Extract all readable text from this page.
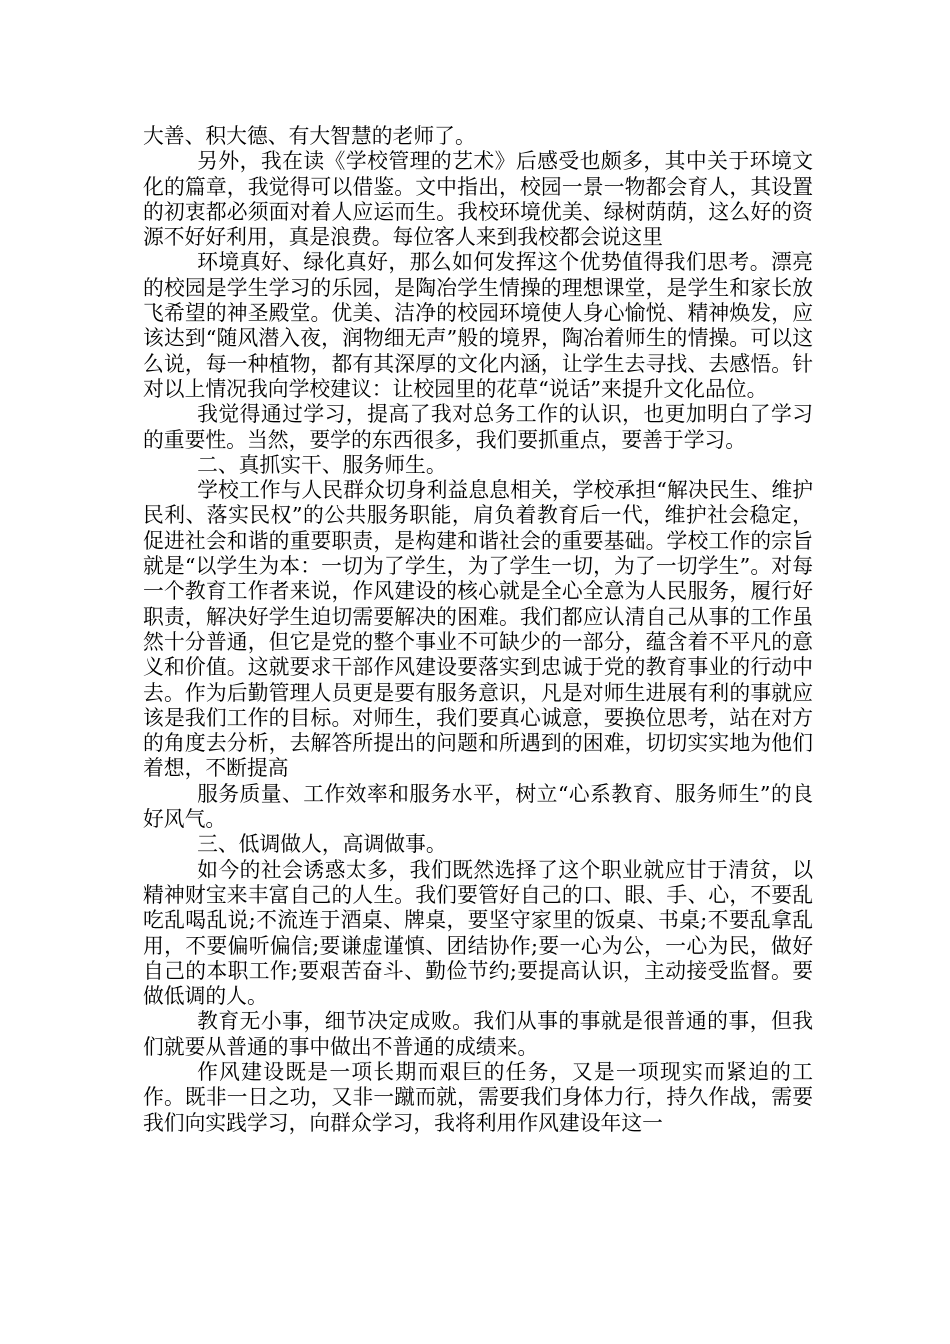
大善、积大德、有大智慧的老师了。

另外，我在读《学校管理的艺术》后感受也颇多，其中关于环境文化的篇章，我觉得可以借鉴。文中指出，校园一景一物都会育人，其设置的初衷都必须面对着人应运而生。我校环境优美、绿树荫荫，这么好的资源不好好利用，真是浪费。每位客人来到我校都会说这里

环境真好、绿化真好，那么如何发挥这个优势值得我们思考。漂亮的校园是学生学习的乐园，是陶冶学生情操的理想课堂，是学生和家长放飞希望的神圣殿堂。优美、洁净的校园环境使人身心愉悦、精神焕发，应该达到“随风潜入夜，润物细无声”般的境界，陶冶着师生的情操。可以这么说，每一种植物，都有其深厚的文化内涵，让学生去寻找、去感悟。针对以上情况我向学校建议：让校园里的花草“说话”来提升文化品位。

我觉得通过学习，提高了我对总务工作的认识，也更加明白了学习的重要性。当然，要学的东西很多，我们要抓重点，要善于学习。

二、真抓实干、服务师生。

学校工作与人民群众切身利益息息相关，学校承担“解决民生、维护民利、落实民权”的公共服务职能，肩负着教育后一代，维护社会稳定，促进社会和谐的重要职责，是构建和谐社会的重要基础。学校工作的宗旨就是“以学生为本：一切为了学生，为了学生一切，为了一切学生”。对每一个教育工作者来说，作风建设的核心就是全心全意为人民服务，履行好职责，解决好学生迫切需要解决的困难。我们都应认清自己从事的工作虽然十分普通，但它是党的整个事业不可缺少的一部分，蕴含着不平凡的意义和价值。这就要求干部作风建设要落实到忠诚于党的教育事业的行动中去。作为后勤管理人员更是要有服务意识，凡是对师生进展有利的事就应该是我们工作的目标。对师生，我们要真心诚意，要换位思考，站在对方的角度去分析，去解答所提出的问题和所遇到的困难，切切实实地为他们着想，不断提高

服务质量、工作效率和服务水平，树立“心系教育、服务师生”的良好风气。

三、低调做人，高调做事。

如今的社会诱惑太多，我们既然选择了这个职业就应甘于清贫，以精神财宝来丰富自己的人生。我们要管好自己的口、眼、手、心，不要乱吃乱喝乱说;不流连于酒桌、牌桌，要坚守家里的饭桌、书桌;不要乱拿乱用，不要偏听偏信;要谦虚谨慎、团结协作;要一心为公，一心为民，做好自己的本职工作;要艰苦奋斗、勤俭节约;要提高认识，主动接受监督。要做低调的人。

教育无小事，细节决定成败。我们从事的事就是很普通的事，但我们就要从普通的事中做出不普通的成绩来。

作风建设既是一项长期而艰巨的任务，又是一项现实而紧迫的工作。既非一日之功，又非一蹴而就，需要我们身体力行，持久作战，需要我们向实践学习，向群众学习，我将利用作风建设年这一
